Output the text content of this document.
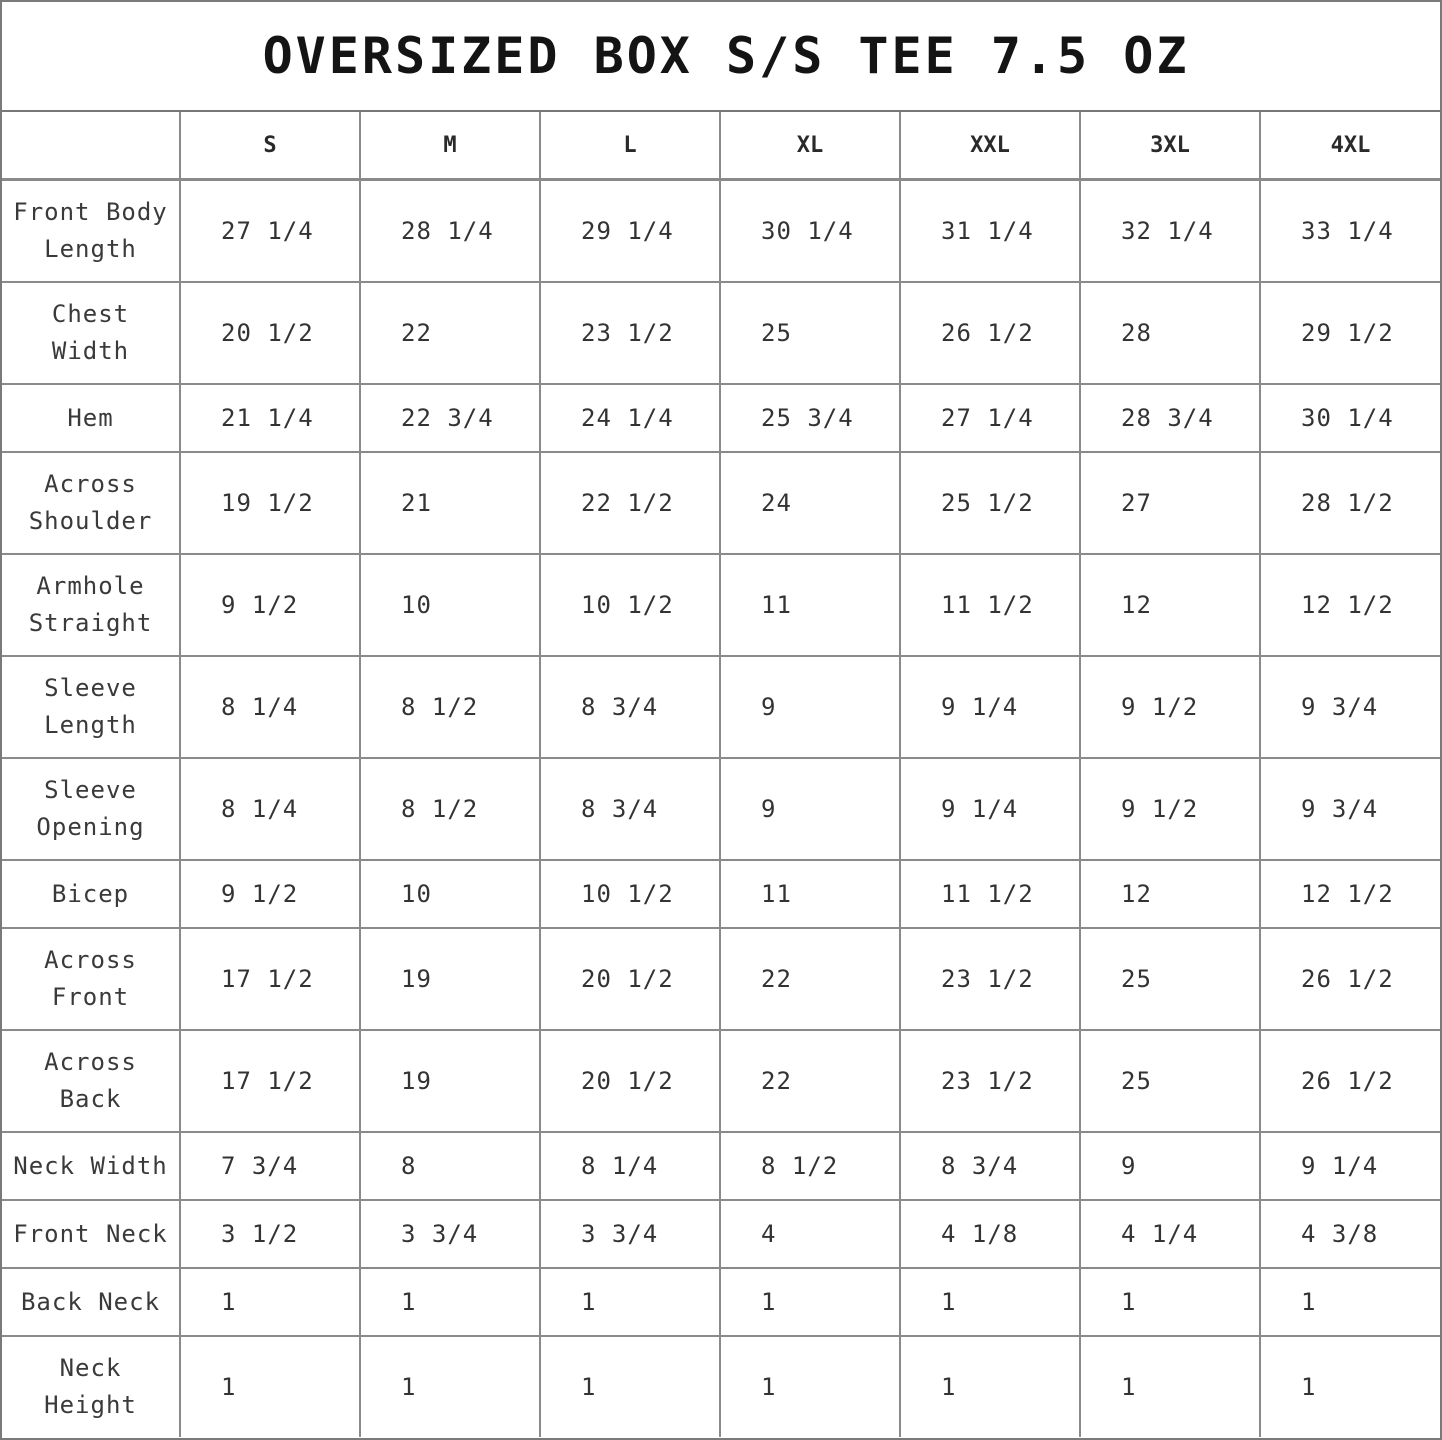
OVERSIZED BOX S/S TEE 7.5 OZ
	S	M	L	XL	XXL	3XL	4XL
Front Body
Length	27 1/4	28 1/4	29 1/4	30 1/4	31 1/4	32 1/4	33 1/4
Chest
Width	20 1/2	22	23 1/2	25	26 1/2	28	29 1/2
Hem	21 1/4	22 3/4	24 1/4	25 3/4	27 1/4	28 3/4	30 1/4
Across
Shoulder	19 1/2	21	22 1/2	24	25 1/2	27	28 1/2
Armhole
Straight	9 1/2	10	10 1/2	11	11 1/2	12	12 1/2
Sleeve
Length	8 1/4	8 1/2	8 3/4	9	9 1/4	9 1/2	9 3/4
Sleeve
Opening	8 1/4	8 1/2	8 3/4	9	9 1/4	9 1/2	9 3/4
Bicep	9 1/2	10	10 1/2	11	11 1/2	12	12 1/2
Across
Front	17 1/2	19	20 1/2	22	23 1/2	25	26 1/2
Across
Back	17 1/2	19	20 1/2	22	23 1/2	25	26 1/2
Neck Width	7 3/4	8	8 1/4	8 1/2	8 3/4	9	9 1/4
Front Neck	3 1/2	3 3/4	3 3/4	4	4 1/8	4 1/4	4 3/8
Back Neck	1	1	1	1	1	1	1
Neck
Height	1	1	1	1	1	1	1
